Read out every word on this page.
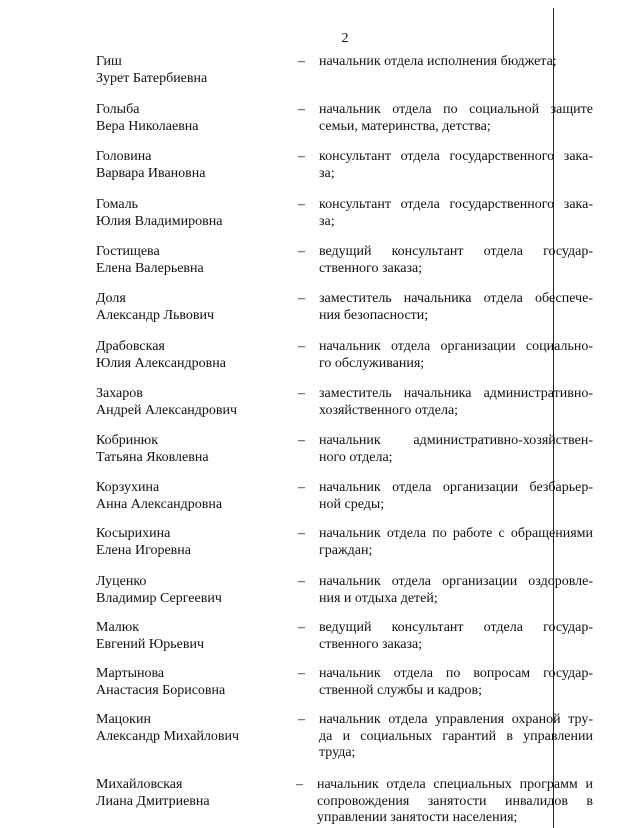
2
Гиш
Зурет Батербиевна
– начальник отдела исполнения бюджета;
Голыба
Вера Николаевна
– начальник отдела по социальной защите
семьи, материнства, детства;
Головина
Варвара Ивановна
– консультант отдела государственного зака-
за;
Гомаль
Юлия Владимировна
– консультант отдела государственного зака-
за;
Гостищева
Елена Валерьевна
– ведущий консультант отдела государ-
ственного заказа;
Доля
Александр Львович
– заместитель начальника отдела обеспече-
ния безопасности;
Драбовская
Юлия Александровна
– начальник отдела организации социально-
го обслуживания;
Захаров
Андрей Александрович
– заместитель начальника административно-
хозяйственного отдела;
Кобринюк
Татьяна Яковлевна
– начальник административно-хозяйствен-
ного отдела;
Корзухина
Анна Александровна
– начальник отдела организации безбарьер-
ной среды;
Косырихина
Елена Игоревна
– начальник отдела по работе с обращениями
граждан;
Луценко
Владимир Сергеевич
– начальник отдела организации оздоровле-
ния и отдыха детей;
Малюк
Евгений Юрьевич
– ведущий консультант отдела государ-
ственного заказа;
Мартынова
Анастасия Борисовна
– начальник отдела по вопросам государ-
ственной службы и кадров;
Мацокин
Александр Михайлович
– начальник отдела управления охраной тру-
да и социальных гарантий в управлении
труда;
Михайловская
Лиана Дмитриевна
– начальник отдела специальных программ и
сопровождения занятости инвалидов в
управлении занятости населения;
